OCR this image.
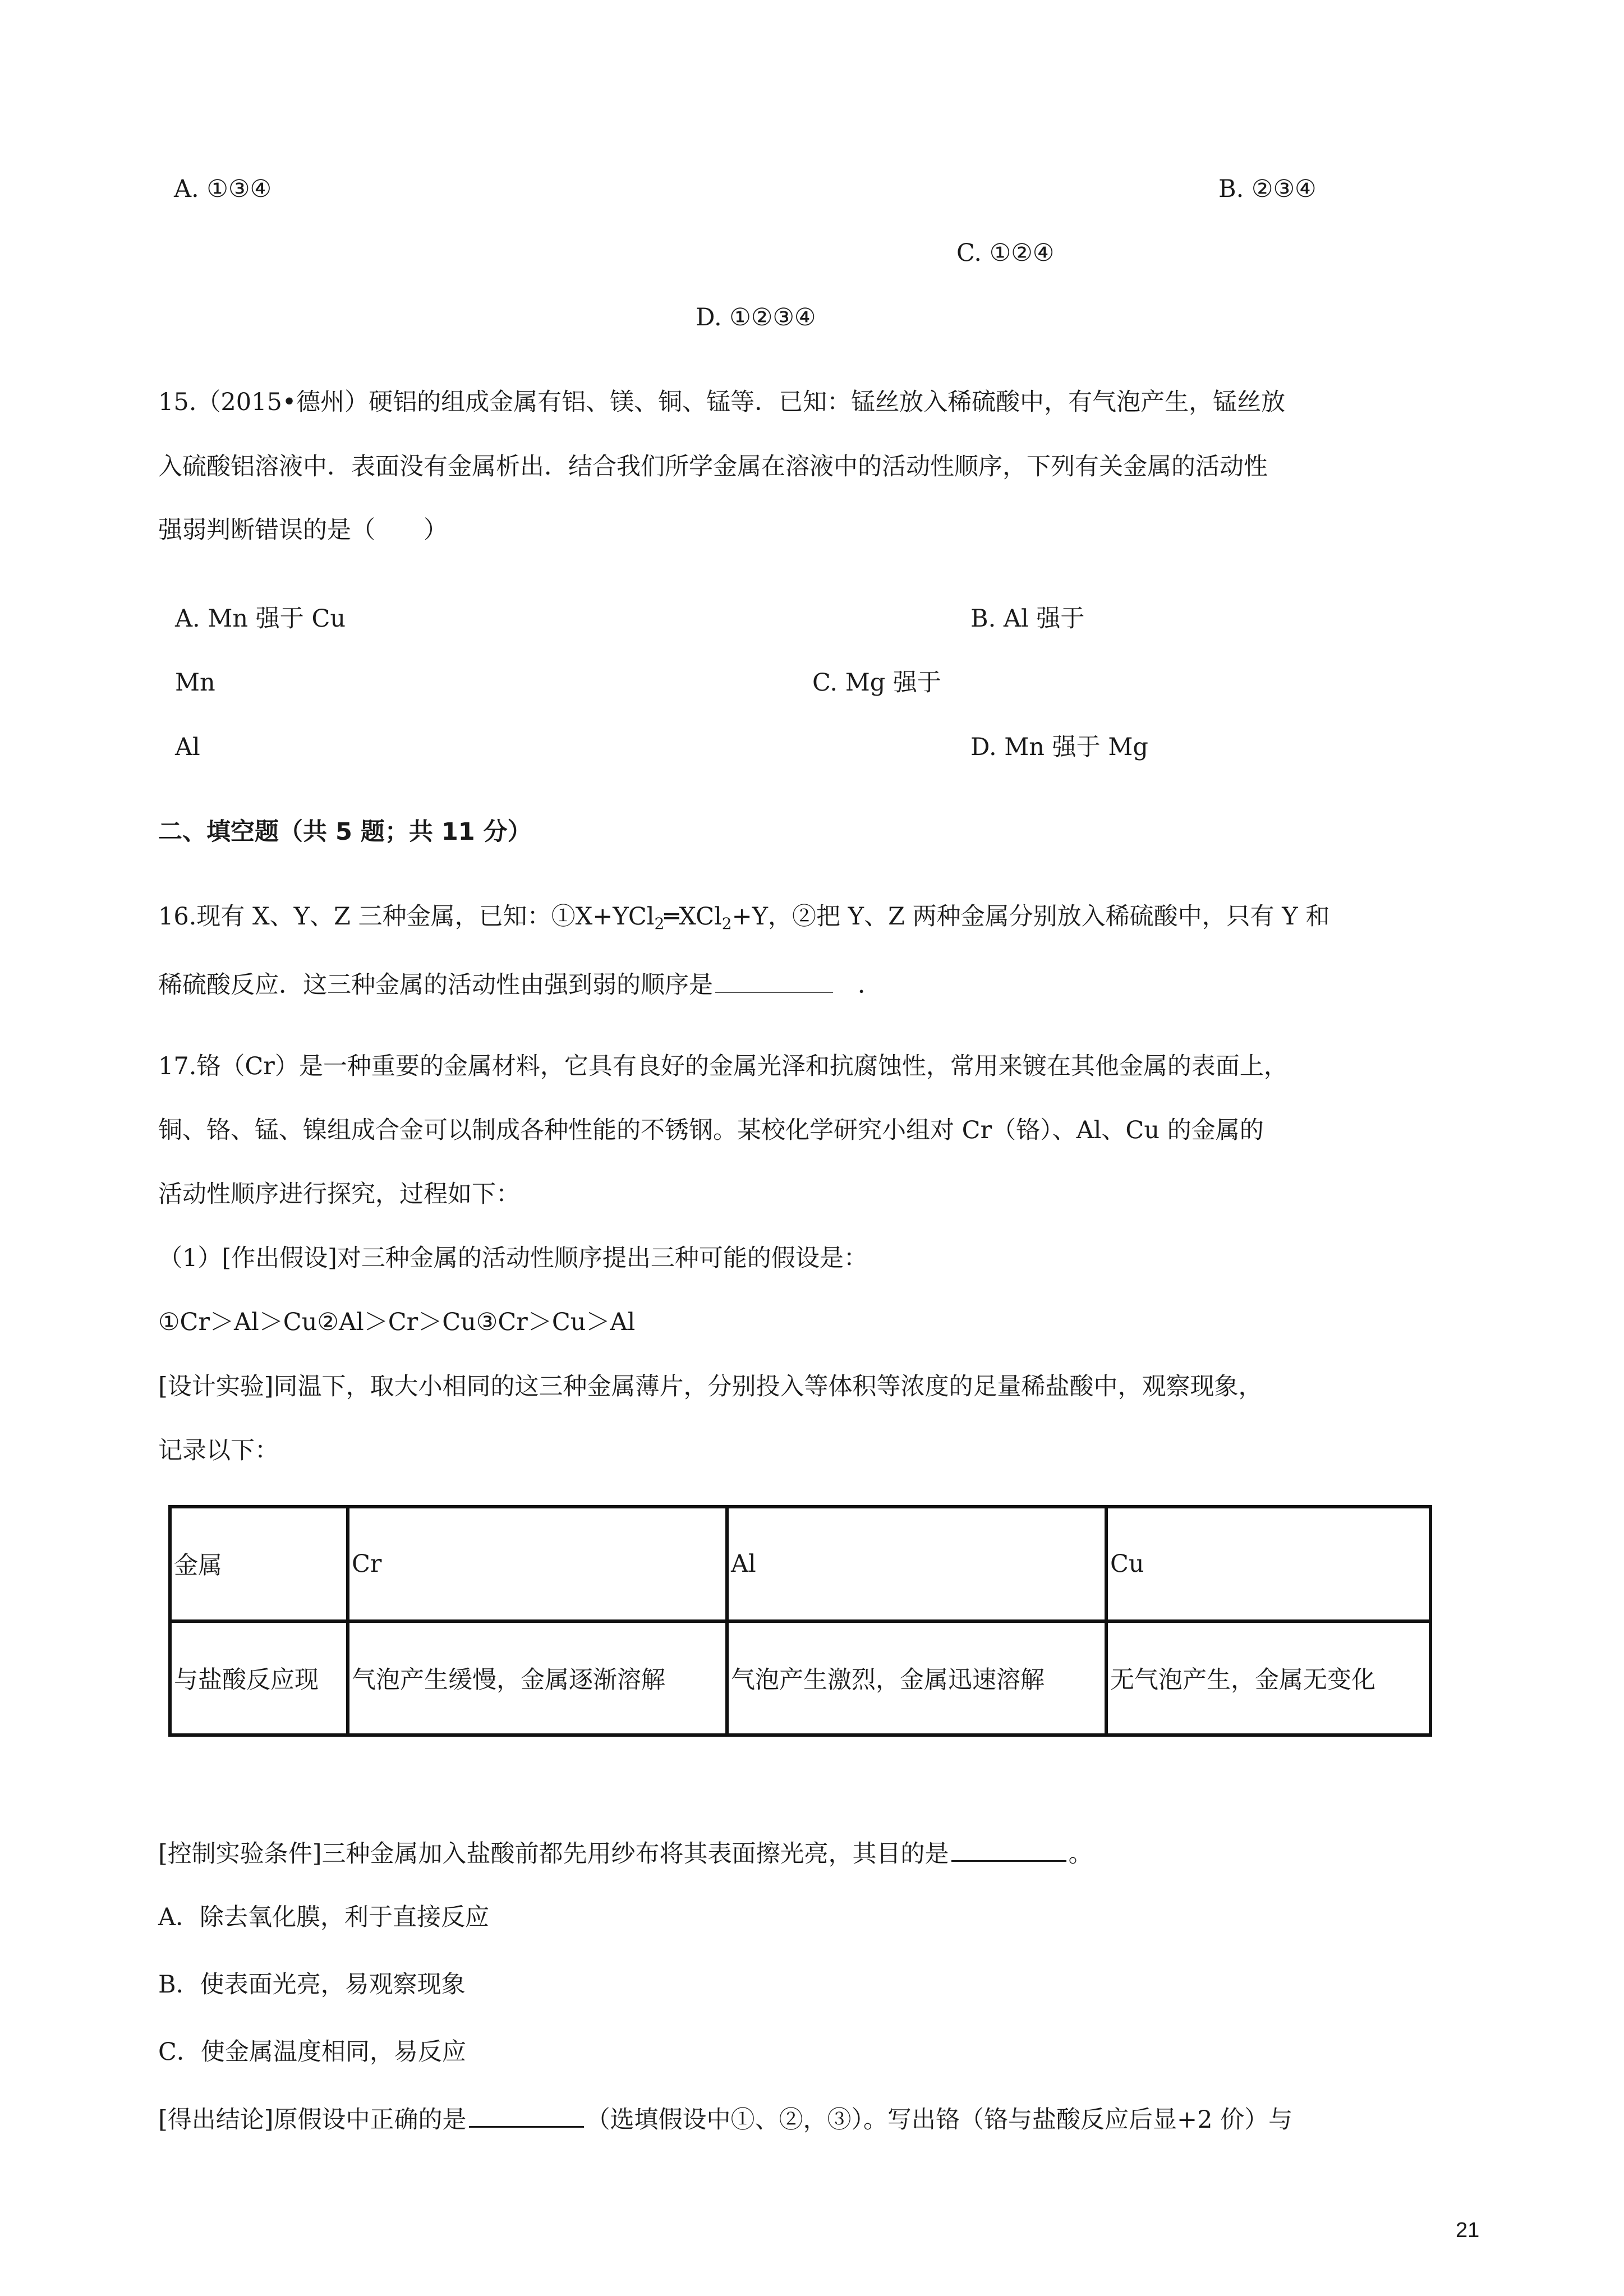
A. ①③④	B. ②③④
C. ①②④
D. ①②③④
15.（2015•德州）硬铝的组成金属有铝、镁、铜、锰等．已知：锰丝放入稀硫酸中，有气泡产生，锰丝放
入硫酸铝溶液中．表面没有金属析出．结合我们所学金属在溶液中的活动性顺序，下列有关金属的活动性
强弱判断错误的是（　　）
A. Mn 强于 Cu	B. Al 强于
Mn	C. Mg 强于
Al	D. Mn 强于 Mg
二、填空题（共 5 题；共 11 分）
16.现有 X、Y、Z 三种金属，已知：①X+YCl$_2$═XCl$_2$+Y，②把 Y、Z 两种金属分别放入稀硫酸中，只有 Y 和
稀硫酸反应．这三种金属的活动性由强到弱的顺序是	．
17.铬（Cr）是一种重要的金属材料，它具有良好的金属光泽和抗腐蚀性，常用来镀在其他金属的表面上，
铜、铬、锰、镍组成合金可以制成各种性能的不锈钢。某校化学研究小组对 Cr（铬）、Al、Cu 的金属的
活动性顺序进行探究，过程如下：
（1）[作出假设]对三种金属的活动性顺序提出三种可能的假设是：
①Cr＞Al＞Cu②Al＞Cr＞Cu③Cr＞Cu＞Al
[设计实验]同温下，取大小相同的这三种金属薄片，分别投入等体积等浓度的足量稀盐酸中，观察现象，
记录以下：
金属	Cr	Al	Cu
与盐酸反应现	气泡产生缓慢，金属逐渐溶解	气泡产生激烈，金属迅速溶解	无气泡产生，金属无变化
[控制实验条件]三种金属加入盐酸前都先用纱布将其表面擦光亮，其目的是	。
A．除去氧化膜，利于直接反应
B．使表面光亮，易观察现象
C．使金属温度相同，易反应
[得出结论]原假设中正确的是	（选填假设中①、②，③）。写出铬（铬与盐酸反应后显+2 价）与
21
